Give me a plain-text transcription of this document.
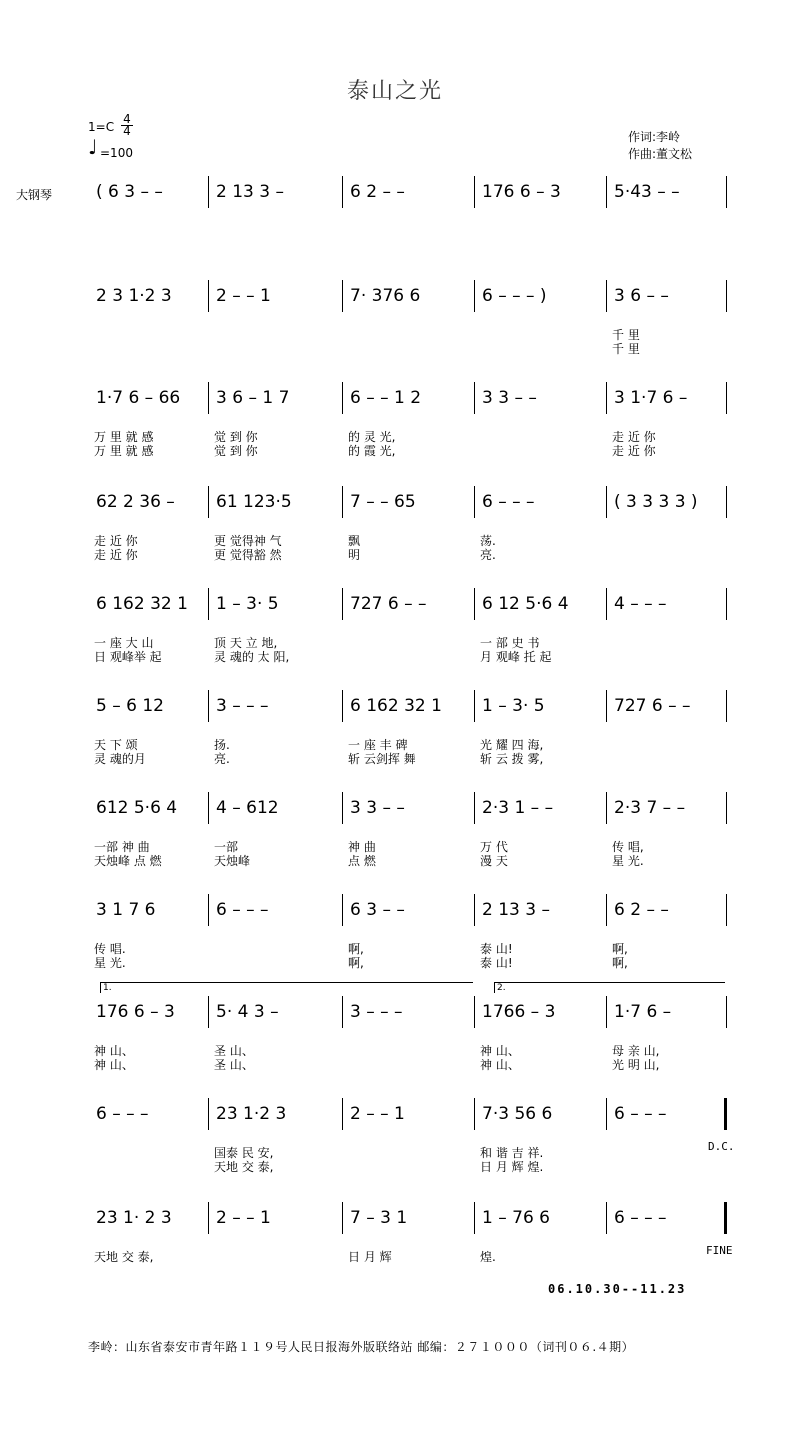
泰山之光
$1=C \frac{4}{4}$
♩ =100
作词:李岭
作曲:董文松
大钢琴	( 6 3 – –	2 13 3 –	6 2 – –	176 6 – 3	5·43 – –
2 3 1·2 3	2 – – 1	7· 376 6	6 – – – )	3 6 – –
千 里
千 里
1·7 6 – 66 3 6 – 1 7	6 – – 1 2	3 3 – –	3 1·7 6 –
万 里 就 感	觉 到 你	的 灵 光,	走 近 你
万 里 就 感	觉 到 你	的 霞 光,	走 近 你
62 2 36 – 61 123·5	7 – – 65	6 – – –	( 3 3 3 3 )
走 近 你	更 觉得神 气	飘	荡.
走 近 你	更 觉得豁 然	明	亮.
6 162 32 1 1 – 3· 5	727 6 – –	6 12 5·6 4	4 – – –
一 座 大 山	顶 天 立 地,	一 部 史 书
日 观峰举 起	灵 魂的 太 阳,	月 观峰 托 起
5 – 6 12	3 – – –	6 162 32 1 1 – 3· 5	727 6 – –
天 下 颂	扬.	一 座 丰 碑	光 耀 四 海,
灵 魂的月	亮.	斩 云剑挥 舞	斩 云 拨 雾,
612 5·6 4 4 – 612	3 3 – –	2·3 1 – –	2·3 7 – –
一部 神 曲	一部	神 曲	万 代	传 唱,
天烛峰 点 燃	天烛峰	点 燃	漫 天	星 光.
3 1 7 6	6 – – –	6 3 – –	2 13 3 –	6 2 – –
传 唱.	啊,	泰 山!	啊,
星 光.	啊,	泰 山!	啊,
176 6 – 3 5· 4 3 –	3 – – –	1766 – 3	1·7 6 –
神 山、	圣 山、	神 山、	母 亲 山,
神 山、	圣 山、	神 山、	光 明 山,
1.	2.
6 – – –	23 1·2 3	2 – – 1	7·3 56 6	6 – – –
国泰 民 安,	和 谐 吉 祥.
天地 交 泰,	日 月 辉 煌.
D.C.
23 1· 2 3	2 – – 1	7 – 3 1	1 – 76 6	6 – – –
天地 交 泰,	日 月 辉	煌.	FINE
06.10.30--11.23
李岭：山东省泰安市青年路１１９号人民日报海外版联络站 邮编：２７１０００（词刊０６.４期）
